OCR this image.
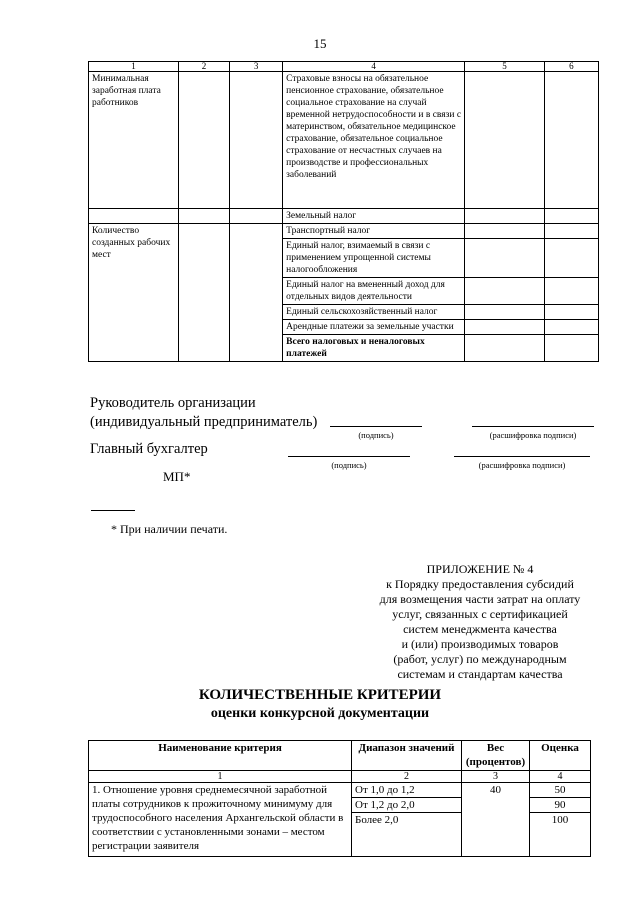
15
1	2	3	4	5	6
Минимальная заработная плата работников			Страховые взносы на обязательное пенсионное страхование, обязательное социальное страхование на случай временной нетрудоспособности и в связи с материнством, обязательное медицинское страхование, обязательное социальное страхование от несчастных случаев на производстве и профессиональных заболеваний		
			Земельный налог		
Количество созданных рабочих мест			Транспортный налог		
			Единый налог, взимаемый в связи с применением упрощенной системы налогообложения		
			Единый налог на вмененный доход для отдельных видов деятельности		
			Единый сельскохозяйственный налог		
			Арендные платежи за земельные участки		
			Всего налоговых и неналоговых платежей		
Руководитель организации
(индивидуальный предприниматель)
(подпись)	(расшифровка подписи)
Главный бухгалтер
(подпись)	(расшифровка подписи)
МП*
* При наличии печати.
ПРИЛОЖЕНИЕ № 4
к Порядку предоставления субсидий
для возмещения части затрат на оплату
услуг, связанных с сертификацией
систем менеджмента качества
и (или) производимых товаров
(работ, услуг) по международным
системам и стандартам качества
КОЛИЧЕСТВЕННЫЕ КРИТЕРИИ
оценки конкурсной документации
Наименование критерия	Диапазон значений	Вес (процентов)	Оценка
1	2	3	4
1. Отношение уровня среднемесячной заработной платы сотрудников к прожиточному минимуму для трудоспособного населения Архангельской области в соответствии с установленными зонами – местом регистрации заявителя	От 1,0 до 1,2	40	50
	От 1,2 до 2,0		90
	Более 2,0		100
